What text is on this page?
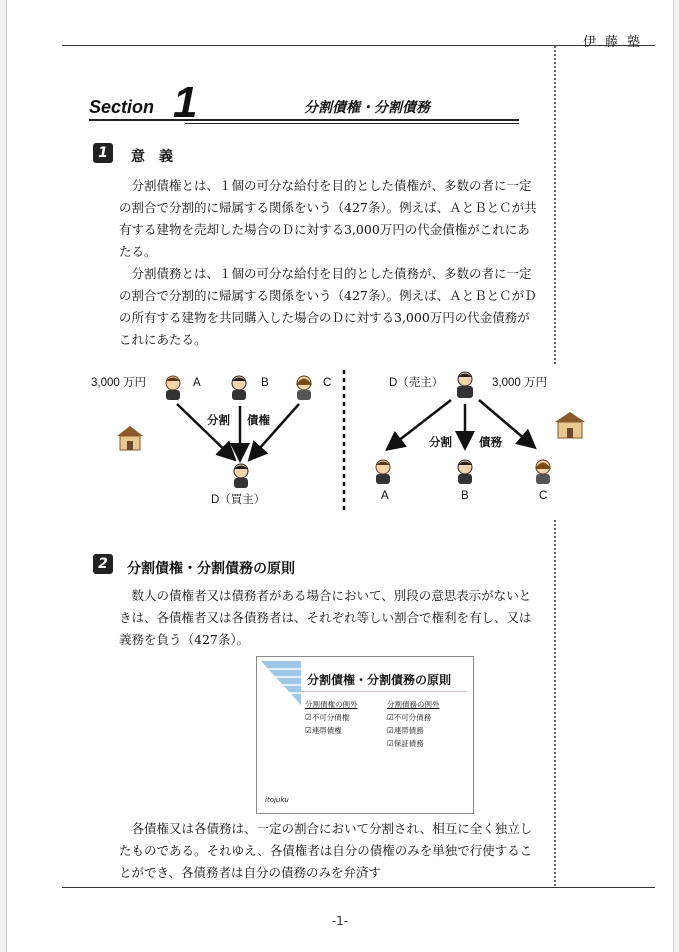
伊藤塾
Section 1	分割債権・分割債務
1	意　義

分割債権とは、１個の可分な給付を目的とした債権が、多数の者に一定の割合で分割的に帰属する関係をいう（427条）。例えば、ＡとＢとＣが共有する建物を売却した場合のＤに対する3,000万円の代金債権がこれにあたる。

分割債務とは、１個の可分な給付を目的とした債務が、多数の者に一定の割合で分割的に帰属する関係をいう（427条）。例えば、ＡとＢとＣがＤの所有する建物を共同購入した場合のＤに対する3,000万円の代金債務がこれにあたる。

3,000 万円	A	B	C
分割 債権
D（買主）
D（売主）	3,000 万円
分割 債務
A	B	C
2	分割債権・分割債務の原則

数人の債権者又は債務者がある場合において、別段の意思表示がないときは、各債権者又は各債務者は、それぞれ等しい割合で権利を有し、又は義務を負う（427条）。

分割債権・分割債務の原則
分割債権の例外
☑不可分債権
☑連帯債権
分割債務の例外
☑不可分債務
☑連帯債務
☑保証債務
itojuku

各債権又は各債務は、一定の割合において分割され、相互に全く独立したものである。それゆえ、各債権者は自分の債権のみを単独で行使することができ、各債務者は自分の債務のみを弁済す

-1-
